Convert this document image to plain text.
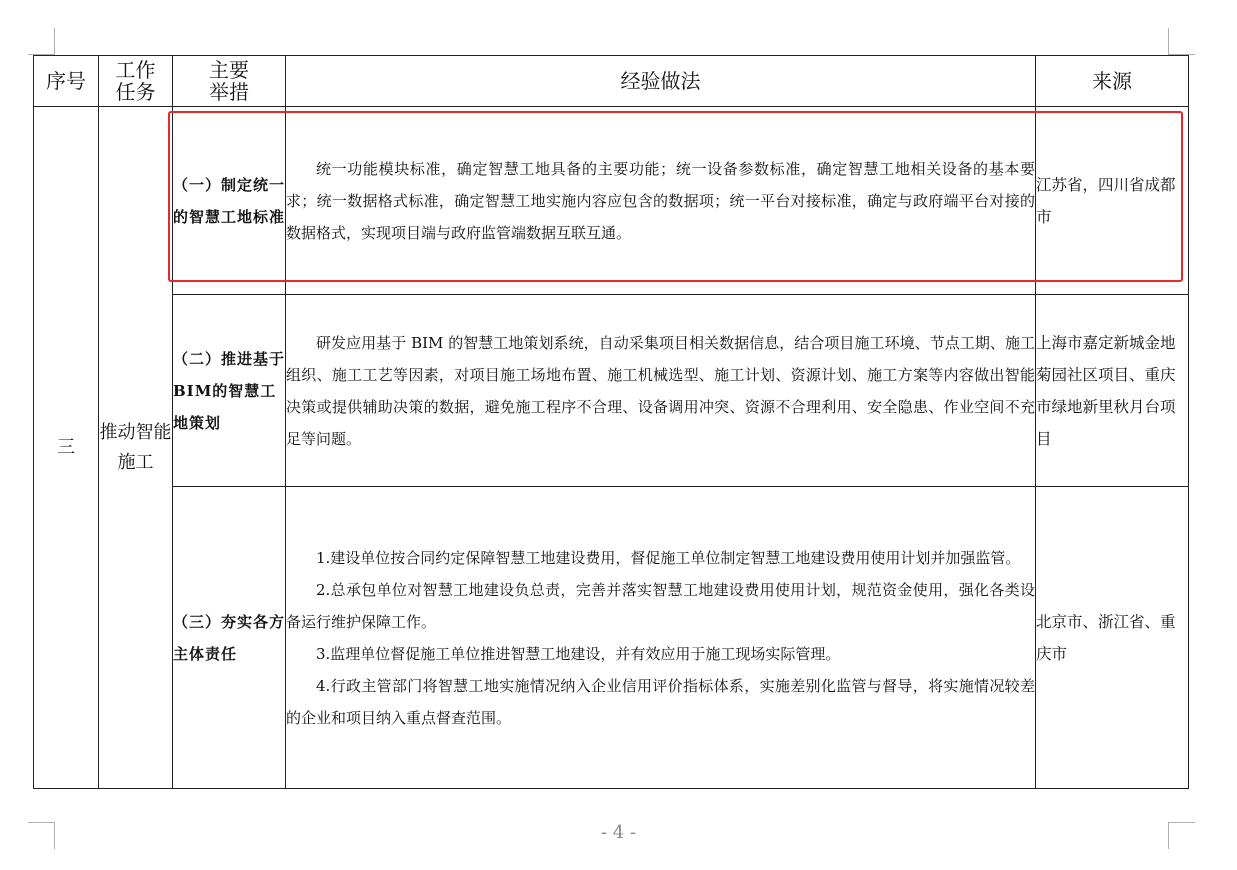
序号	工作任务	主要举措	经验做法	来源
三	推动智能施工	（一）制定统一的智慧工地标准	统一功能模块标准，确定智慧工地具备的主要功能；统一设备参数标准，确定智慧工地相关设备的基本要求；统一数据格式标准，确定智慧工地实施内容应包含的数据项；统一平台对接标准，确定与政府端平台对接的数据格式，实现项目端与政府监管端数据互联互通。	江苏省，四川省成都市
		（二）推进基于BIM的智慧工地策划	研发应用基于 BIM 的智慧工地策划系统，自动采集项目相关数据信息，结合项目施工环境、节点工期、施工组织、施工工艺等因素，对项目施工场地布置、施工机械选型、施工计划、资源计划、施工方案等内容做出智能决策或提供辅助决策的数据，避免施工程序不合理、设备调用冲突、资源不合理利用、安全隐患、作业空间不充足等问题。	上海市嘉定新城金地菊园社区项目、重庆市绿地新里秋月台项目
		（三）夯实各方主体责任	1.建设单位按合同约定保障智慧工地建设费用，督促施工单位制定智慧工地建设费用使用计划并加强监管。

2.总承包单位对智慧工地建设负总责，完善并落实智慧工地建设费用使用计划，规范资金使用，强化各类设备运行维护保障工作。

3.监理单位督促施工单位推进智慧工地建设，并有效应用于施工现场实际管理。

4.行政主管部门将智慧工地实施情况纳入企业信用评价指标体系，实施差别化监管与督导，将实施情况较差的企业和项目纳入重点督查范围。	北京市、浙江省、重庆市
- 4 -
